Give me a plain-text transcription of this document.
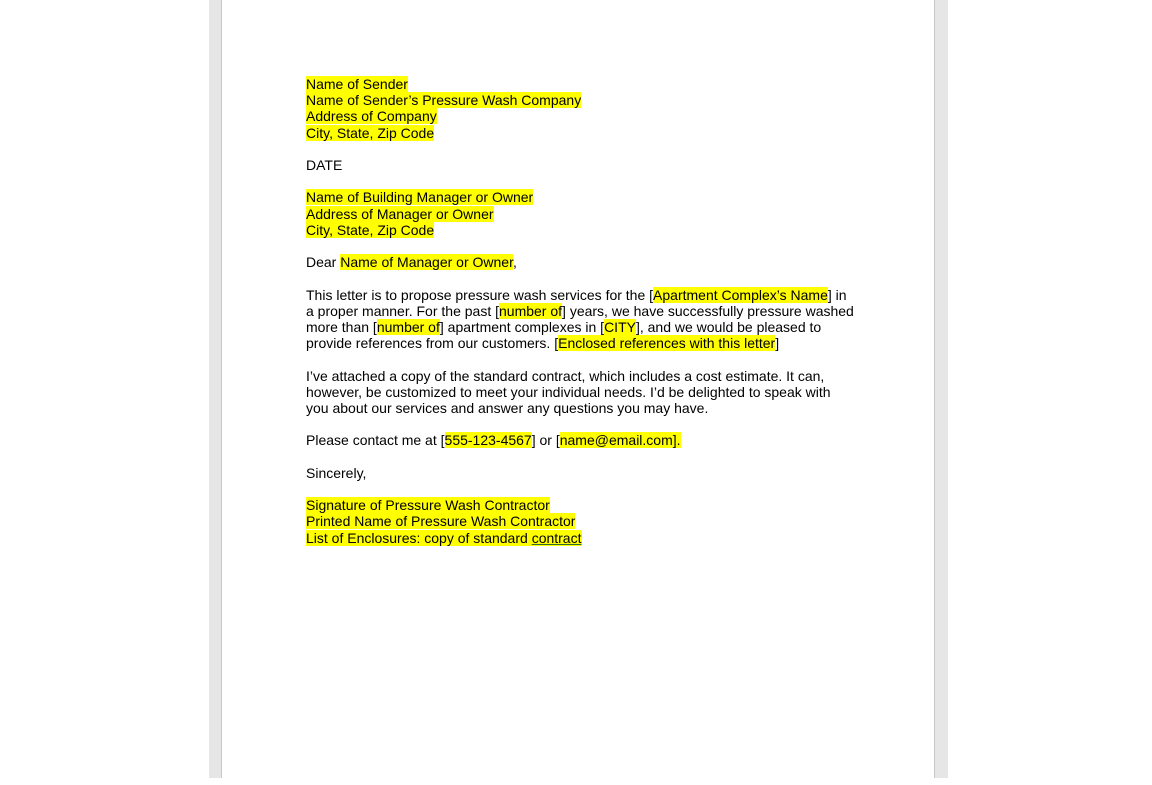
Name of Sender
Name of Sender’s Pressure Wash Company
Address of Company
City, State, Zip Code
DATE
Name of Building Manager or Owner
Address of Manager or Owner
City, State, Zip Code
Dear Name of Manager or Owner,
This letter is to propose pressure wash services for the [Apartment Complex’s Name] in a proper manner. For the past [number of] years, we have successfully pressure washed more than [number of] apartment complexes in [CITY], and we would be pleased to provide references from our customers. [Enclosed references with this letter]
I’ve attached a copy of the standard contract, which includes a cost estimate. It can, however, be customized to meet your individual needs. I’d be delighted to speak with you about our services and answer any questions you may have.
Please contact me at [555-123-4567] or [name@email.com].
Sincerely,
Signature of Pressure Wash Contractor
Printed Name of Pressure Wash Contractor
List of Enclosures: copy of standard contract
